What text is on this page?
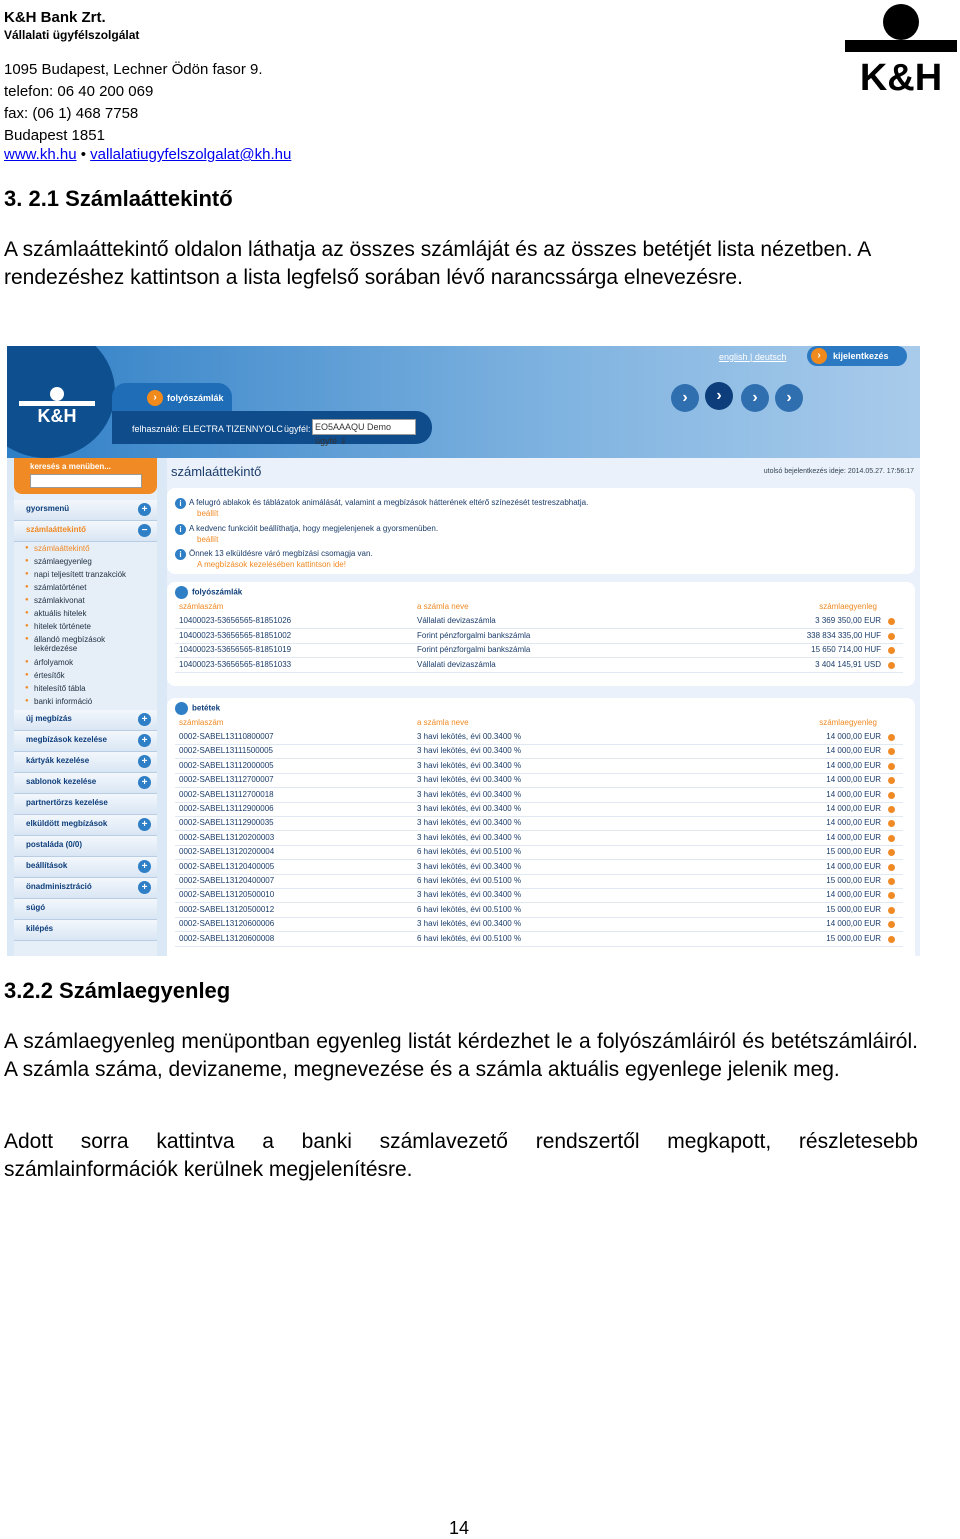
K&H Bank Zrt.
Vállalati ügyfélszolgálat
1095 Budapest, Lechner Ödön fasor 9.
telefon: 06 40 200 069
fax: (06 1) 468 7758
Budapest 1851
www.kh.hu • vallalatiugyfelszolgalat@kh.hu
K&H
3. 2.1 Számlaáttekintő

A számlaáttekintő oldalon láthatja az összes számláját és az összes betétjét lista nézetben. A rendezéshez kattintson a lista legfelső sorában lévő narancssárga elnevezésre.

K&H
english | deutsch	›	kijelentkezés
›	folyószámlák
felhasználó: ELECTRA TIZENNYOLC ügyfél: EO5AAAQU Demo ügyfé ⇓
›	›	›	›
keresés a menüben...
gyorsmenü	+
számlaáttekintő	−
● számlaáttekintő
● számlaegyenleg
● napi teljesített tranzakciók
● számlatörténet
● számlakivonat
● aktuális hitelek
● hitelek története
● állandó megbízások lekérdezése
● árfolyamok
● értesítők
● hitelesítő tábla
● banki információ
új megbízás	+
megbízások kezelése	+
kártyák kezelése	+
sablonok kezelése	+
partnertörzs kezelése
elküldött megbízások	+
postaláda (0/0)
beállítások	+
önadminisztráció	+
súgó
kilépés
számlaáttekintő	utolsó bejelentkezés ideje: 2014.05.27. 17:56:17
i A felugró ablakok és táblázatok animálását, valamint a megbízások hátterének eltérő színezését testreszabhatja.
beállít
i A kedvenc funkcióit beállíthatja, hogy megjelenjenek a gyorsmenüben.
beállít
i Önnek 13 elküldésre váró megbízási csomagja van.
A megbízások kezelésében kattintson ide!
folyószámlák
számlaszám	a számla neve	számlaegyenleg
10400023-53656565-81851026	Vállalati devizaszámla	3 369 350,00 EUR
10400023-53656565-81851002	Forint pénzforgalmi bankszámla	338 834 335,00 HUF
10400023-53656565-81851019	Forint pénzforgalmi bankszámla	15 650 714,00 HUF
10400023-53656565-81851033	Vállalati devizaszámla	3 404 145,91 USD
betétek
számlaszám	a számla neve	számlaegyenleg
0002-SABEL13110800007	3 havi lekötés, évi 00.3400 %	14 000,00 EUR
0002-SABEL13111500005	3 havi lekötés, évi 00.3400 %	14 000,00 EUR
0002-SABEL13112000005	3 havi lekötés, évi 00.3400 %	14 000,00 EUR
0002-SABEL13112700007	3 havi lekötés, évi 00.3400 %	14 000,00 EUR
0002-SABEL13112700018	3 havi lekötés, évi 00.3400 %	14 000,00 EUR
0002-SABEL13112900006	3 havi lekötés, évi 00.3400 %	14 000,00 EUR
0002-SABEL13112900035	3 havi lekötés, évi 00.3400 %	14 000,00 EUR
0002-SABEL13120200003	3 havi lekötés, évi 00.3400 %	14 000,00 EUR
0002-SABEL13120200004	6 havi lekötés, évi 00.5100 %	15 000,00 EUR
0002-SABEL13120400005	3 havi lekötés, évi 00.3400 %	14 000,00 EUR
0002-SABEL13120400007	6 havi lekötés, évi 00.5100 %	15 000,00 EUR
0002-SABEL13120500010	3 havi lekötés, évi 00.3400 %	14 000,00 EUR
0002-SABEL13120500012	6 havi lekötés, évi 00.5100 %	15 000,00 EUR
0002-SABEL13120600006	3 havi lekötés, évi 00.3400 %	14 000,00 EUR
0002-SABEL13120600008	6 havi lekötés, évi 00.5100 %	15 000,00 EUR
3.2.2 Számlaegyenleg

A számlaegyenleg menüpontban egyenleg listát kérdezhet le a folyószámláiról és betétszámláiról. A számla száma, devizaneme, megnevezése és a számla aktuális egyenlege jelenik meg.

Adott sorra kattintva a banki számlavezető rendszertől megkapott, részletesebb számlainformációk kerülnek megjelenítésre.

14
